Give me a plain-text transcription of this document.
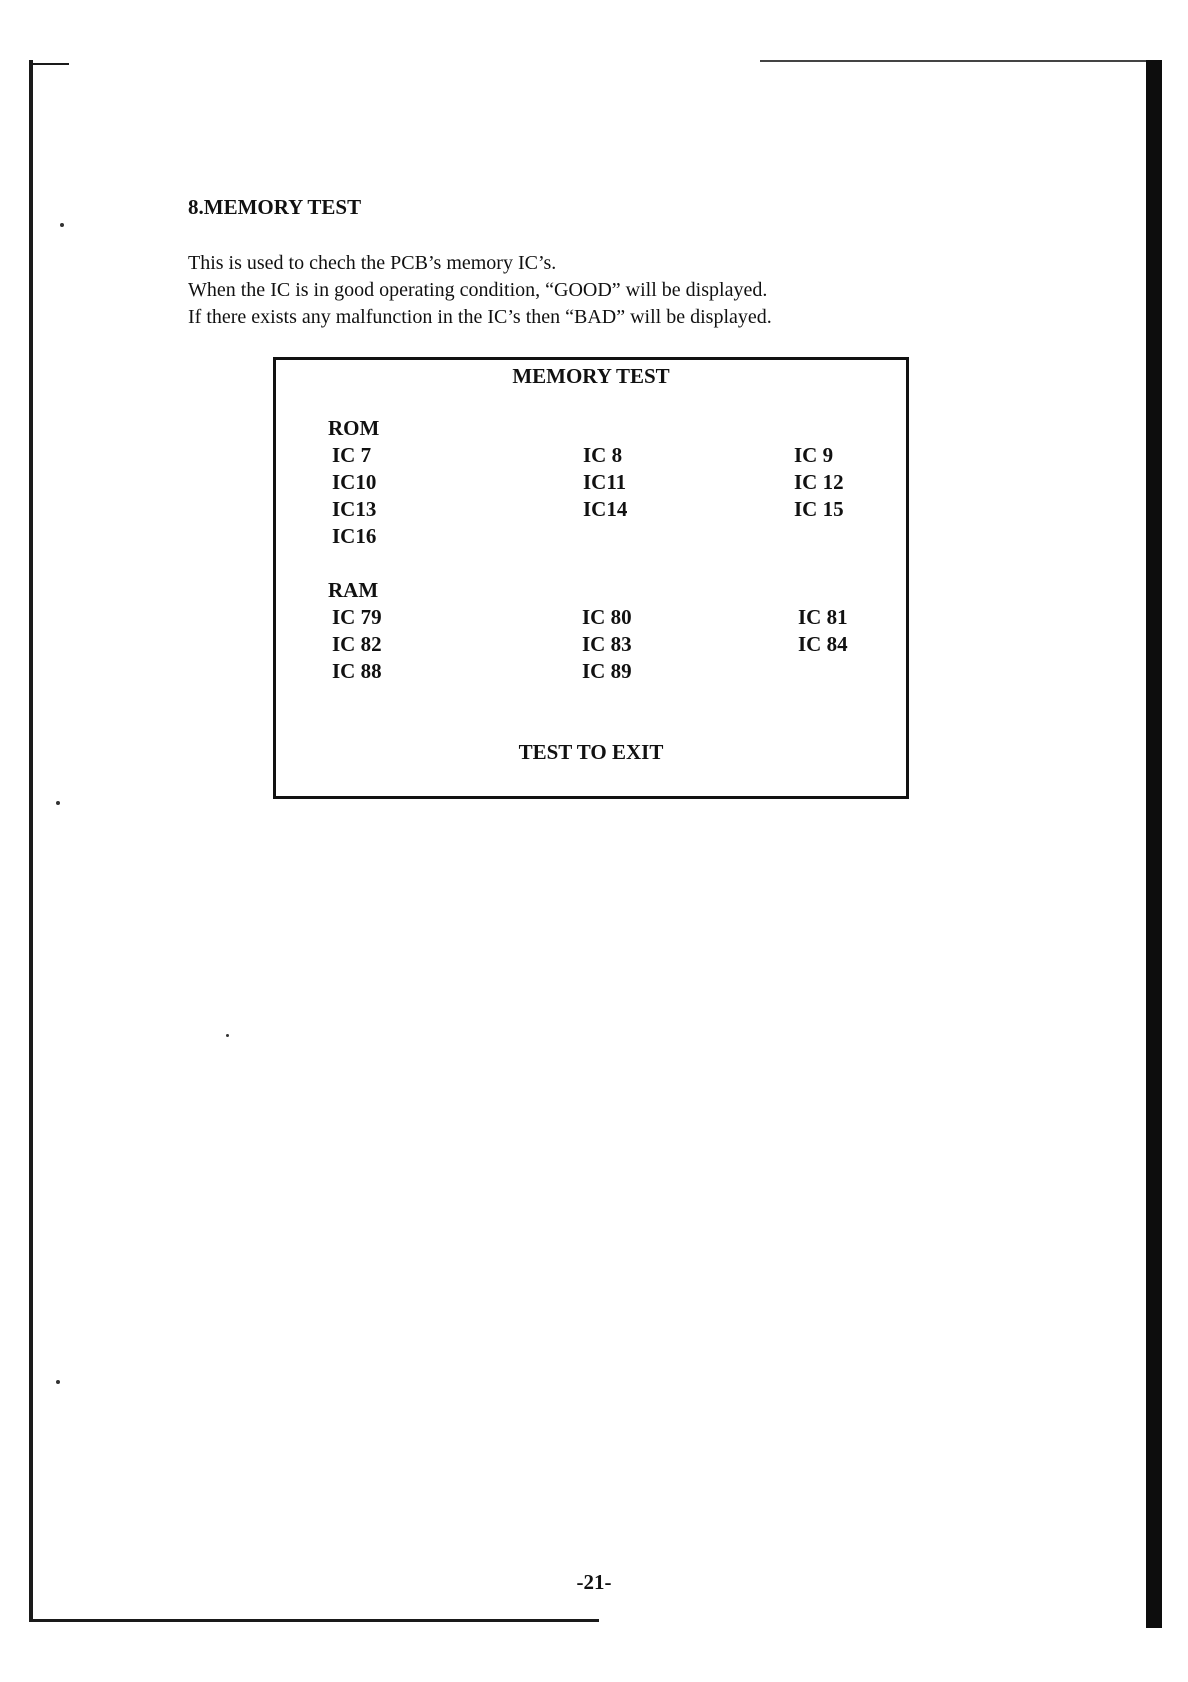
8.MEMORY TEST
This is used to chech the PCB’s memory IC’s.
When the IC is in good operating condition, “GOOD” will be displayed.
If there exists any malfunction in the IC’s then “BAD” will be displayed.
MEMORY TEST
ROM
IC 7	IC 8	IC 9
IC10	IC11	IC 12
IC13	IC14	IC 15
IC16
RAM
IC 79	IC 80	IC 81
IC 82	IC 83	IC 84
IC 88	IC 89
TEST TO EXIT
-21-
